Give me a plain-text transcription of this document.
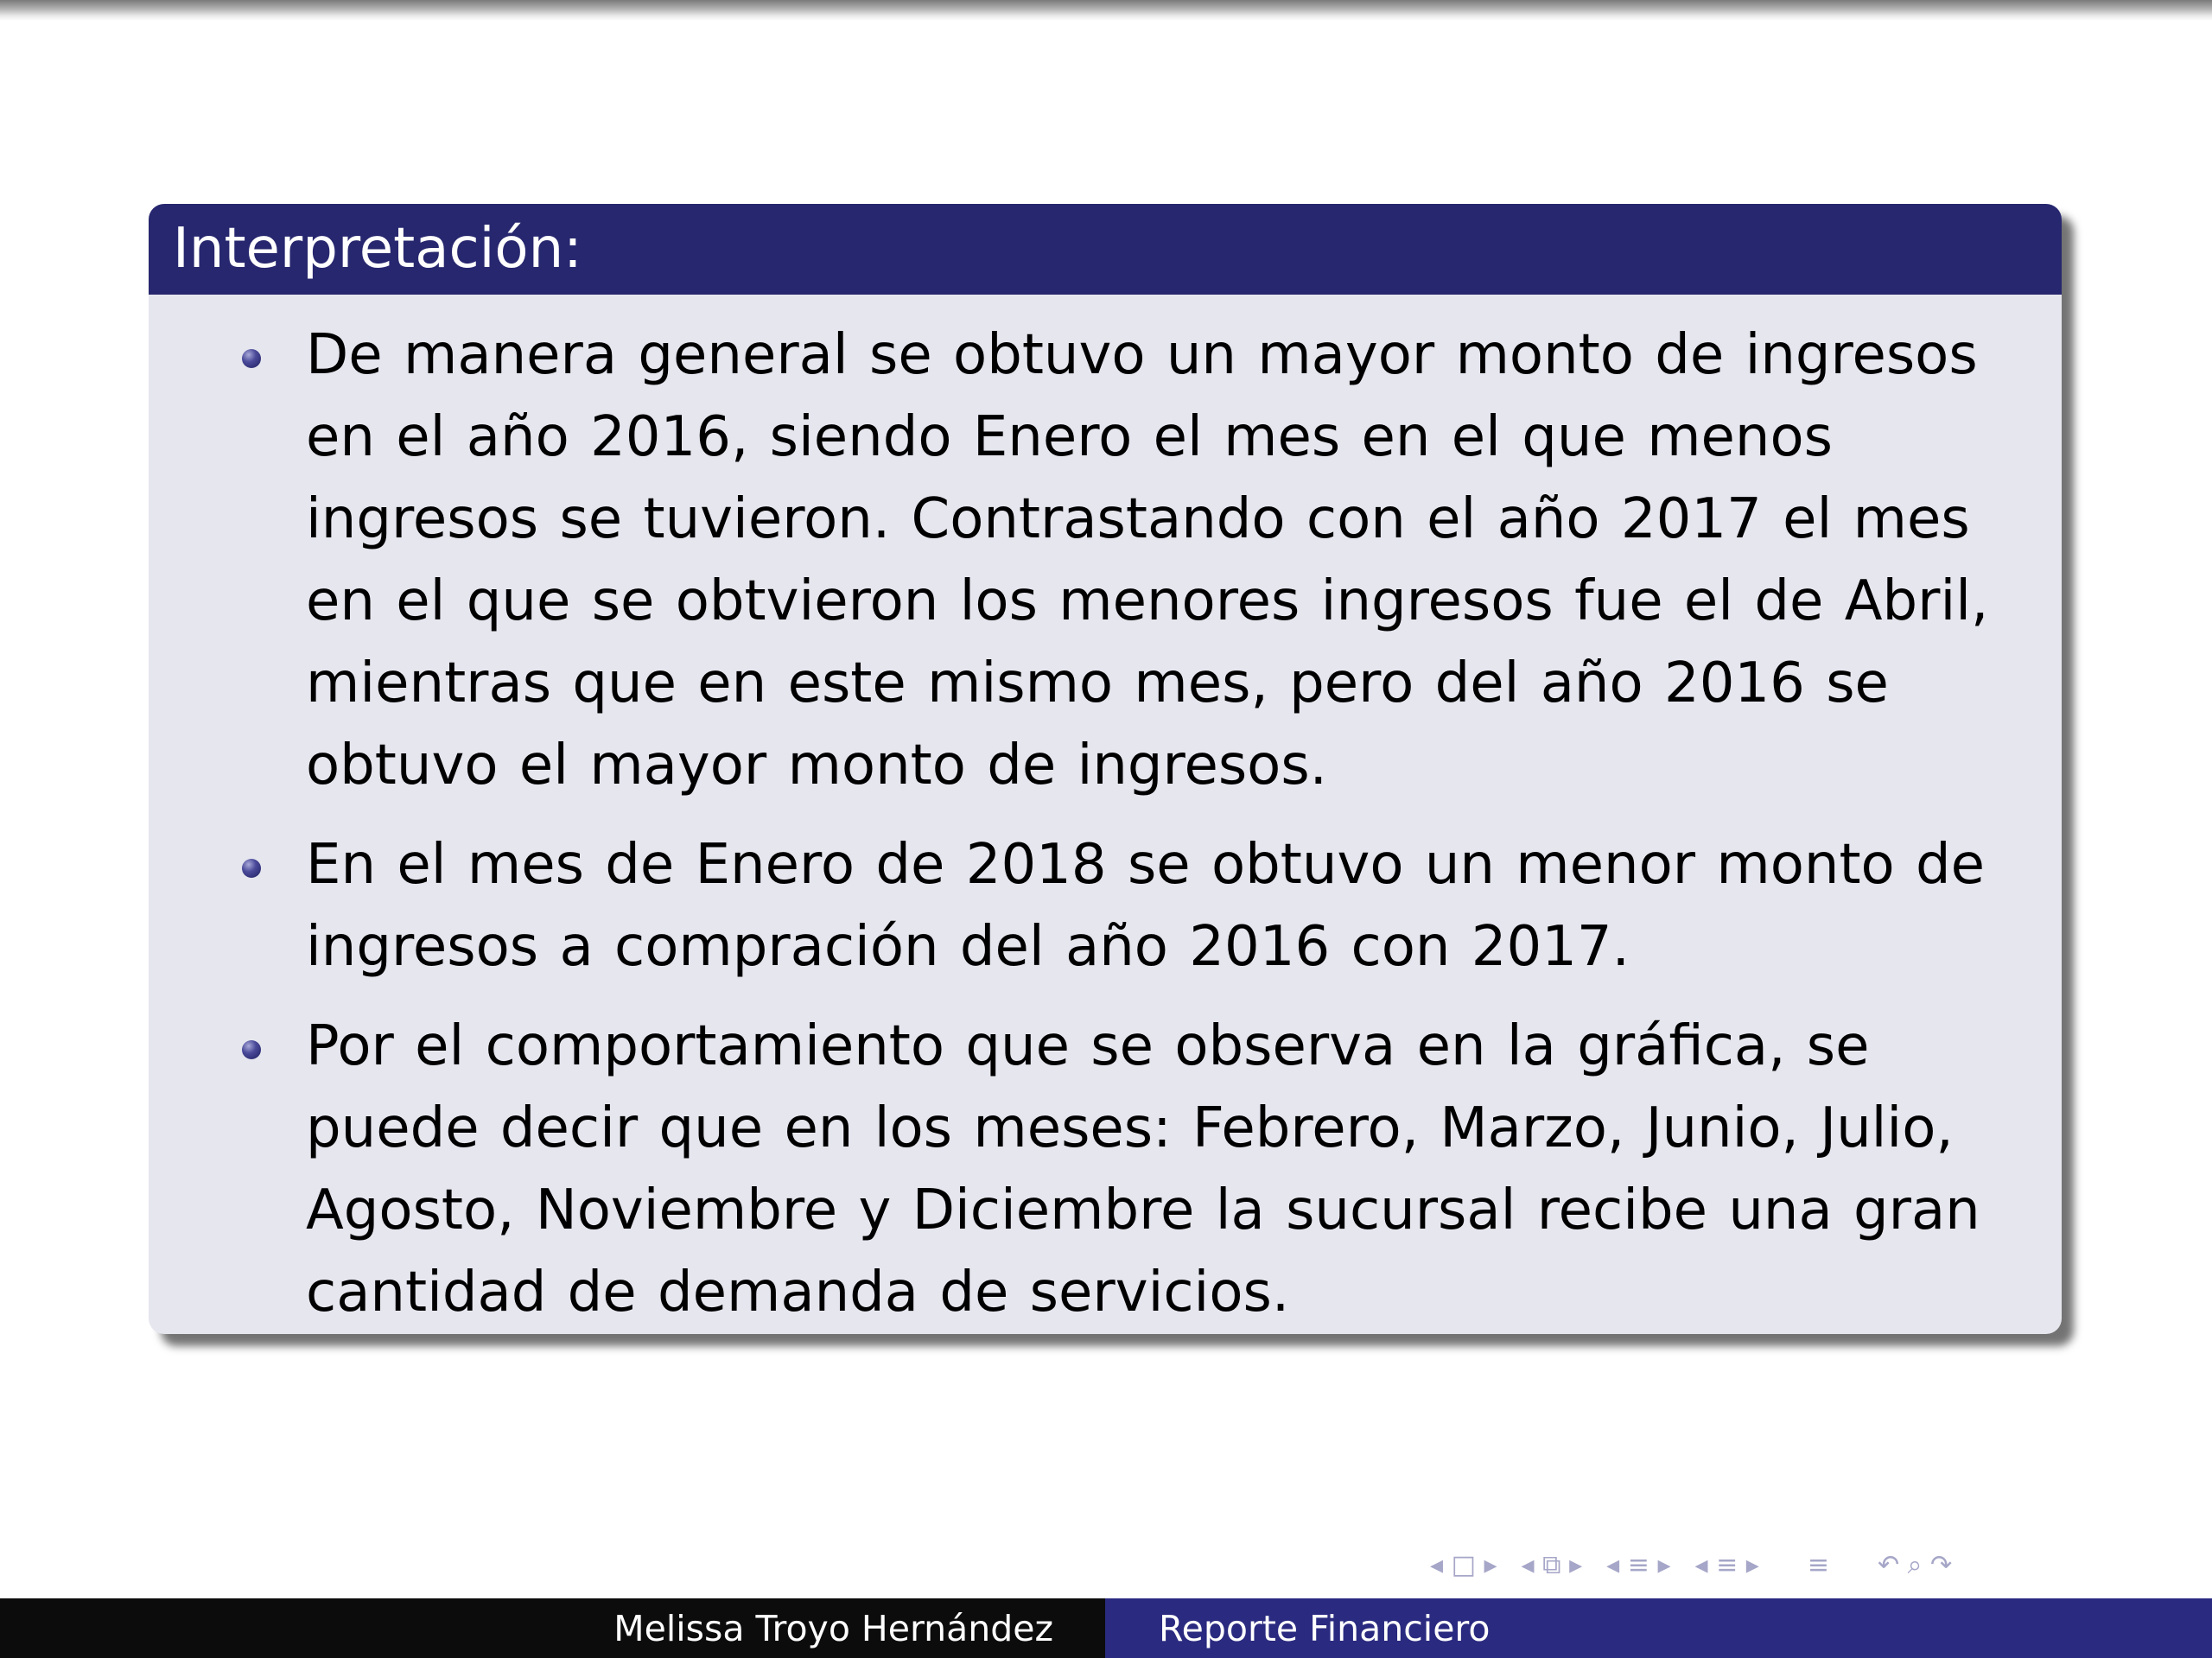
Interpretación:
De manera general se obtuvo un mayor monto de ingresos en el año 2016, siendo Enero el mes en el que menos ingresos se tuvieron. Contrastando con el año 2017 el mes en el que se obtvieron los menores ingresos fue el de Abril, mientras que en este mismo mes, pero del año 2016 se obtuvo el mayor monto de ingresos.
En el mes de Enero de 2018 se obtuvo un menor monto de ingresos a compración del año 2016 con 2017.
Por el comportamiento que se observa en la gráfica, se puede decir que en los meses: Febrero, Marzo, Junio, Julio, Agosto, Noviembre y Diciembre la sucursal recibe una gran cantidad de demanda de servicios.
◂ □ ▸ ◂ ⧉ ▸ ◂ ≡ ▸ ◂ ≡ ▸ ≡ ↶ ⌕ ↷
Melissa Troyo Hernández	Reporte Financiero
